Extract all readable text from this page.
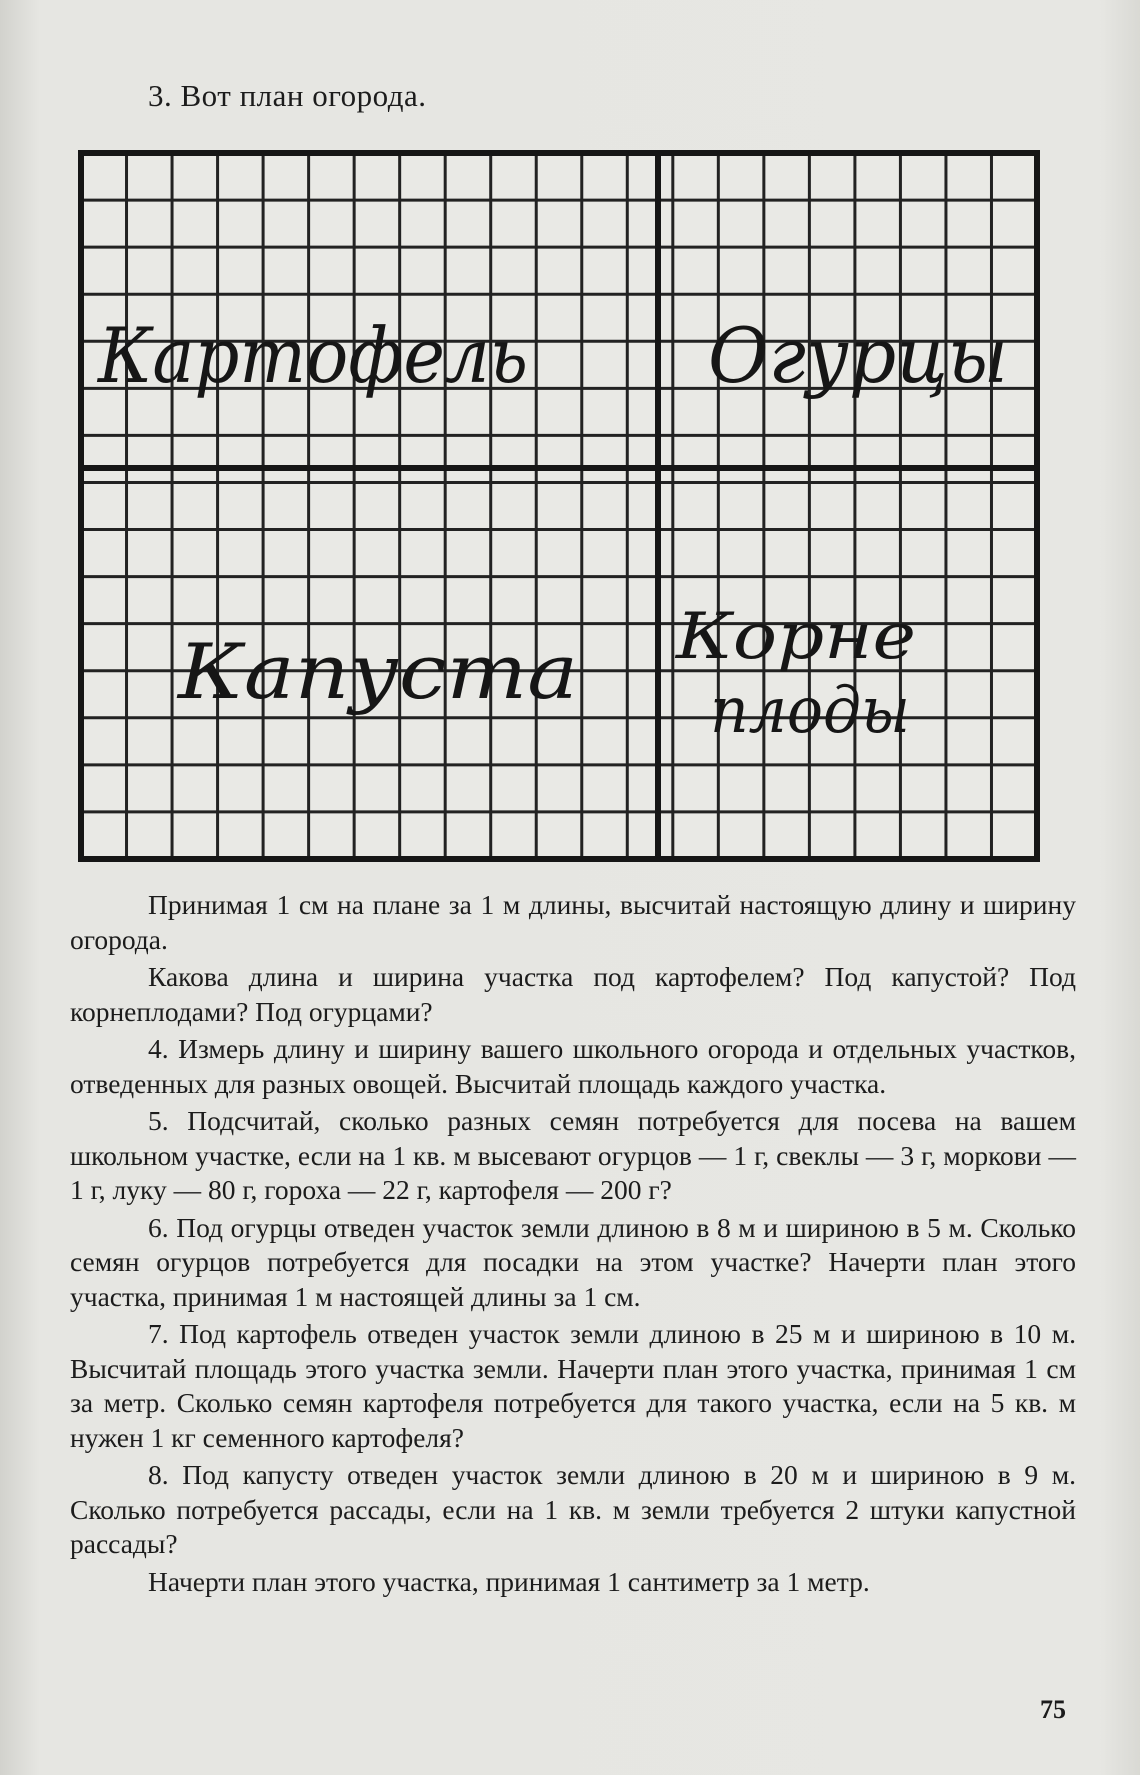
3. Вот план огорода.
Картофель Огурцы
Капуста Корне
плоды

Принимая 1 см на плане за 1 м длины, высчитай настоящую длину и ширину огорода.

Какова длина и ширина участка под картофелем? Под капустой? Под корнеплодами? Под огурцами?

4. Измерь длину и ширину вашего школьного огорода и отдельных участков, отведенных для разных овощей. Высчитай площадь каждого участка.

5. Подсчитай, сколько разных семян потребуется для посева на вашем школьном участке, если на 1 кв. м высевают огурцов — 1 г, свеклы — 3 г, моркови — 1 г, луку — 80 г, гороха — 22 г, картофеля — 200 г?

6. Под огурцы отведен участок земли длиною в 8 м и шириною в 5 м. Сколько семян огурцов потребуется для посадки на этом участке? Начерти план этого участка, принимая 1 м настоящей длины за 1 см.

7. Под картофель отведен участок земли длиною в 25 м и шириною в 10 м. Высчитай площадь этого участка земли. Начерти план этого участка, принимая 1 см за метр. Сколько семян картофеля потребуется для такого участка, если на 5 кв. м нужен 1 кг семенного картофеля?

8. Под капусту отведен участок земли длиною в 20 м и шириною в 9 м. Сколько потребуется рассады, если на 1 кв. м земли требуется 2 штуки капустной рассады?

Начерти план этого участка, принимая 1 сантиметр за 1 метр.

75
